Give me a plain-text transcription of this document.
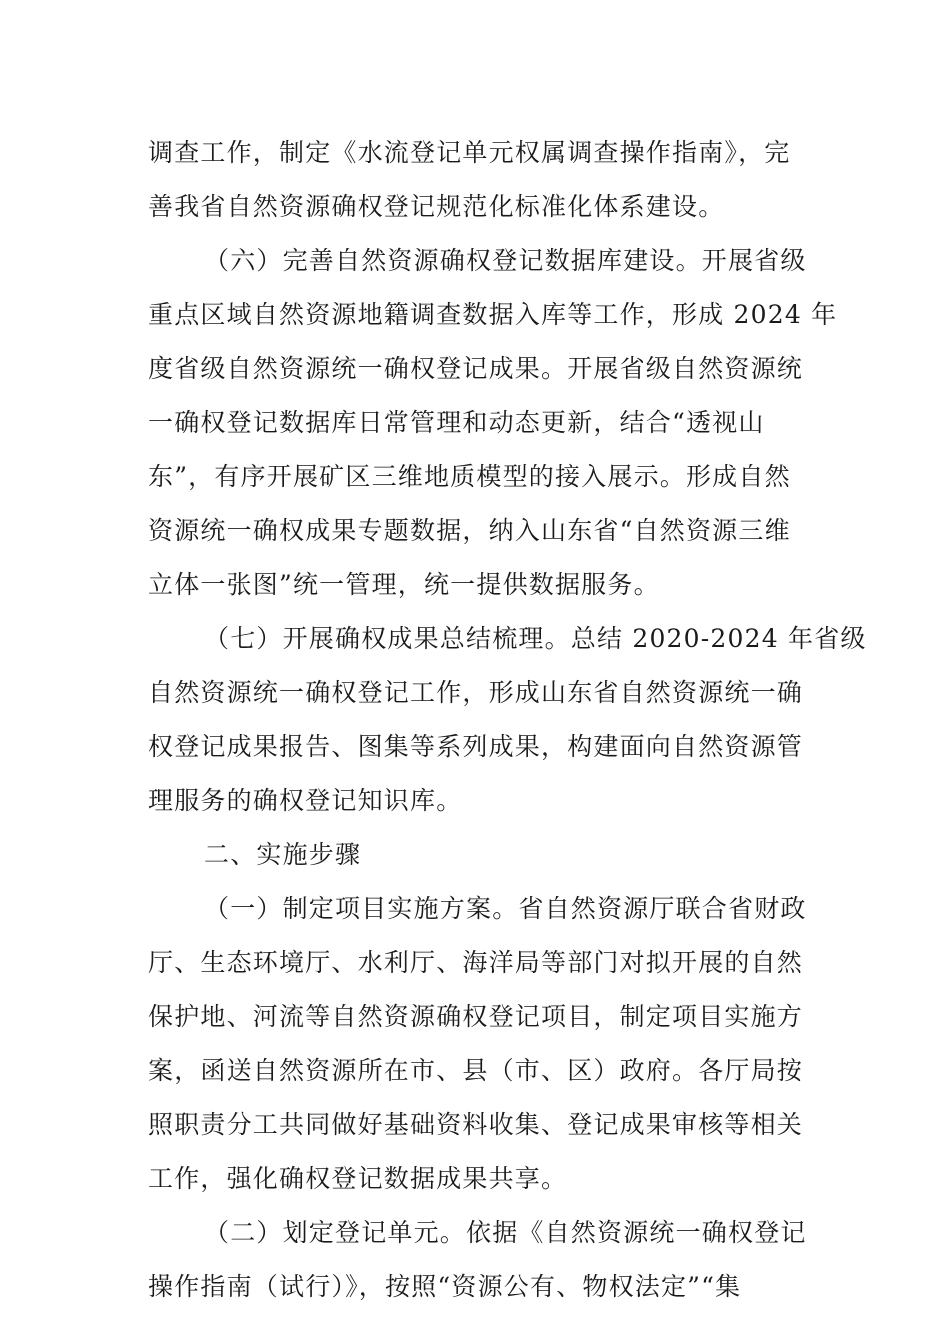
调查工作，制定《水流登记单元权属调查操作指南》，完
善我省自然资源确权登记规范化标准化体系建设。
（六）完善自然资源确权登记数据库建设。开展省级
重点区域自然资源地籍调查数据入库等工作，形成 2024 年
度省级自然资源统一确权登记成果。开展省级自然资源统
一确权登记数据库日常管理和动态更新，结合“透视山
东”，有序开展矿区三维地质模型的接入展示。形成自然
资源统一确权成果专题数据，纳入山东省“自然资源三维
立体一张图”统一管理，统一提供数据服务。
（七）开展确权成果总结梳理。总结 2020-2024 年省级
自然资源统一确权登记工作，形成山东省自然资源统一确
权登记成果报告、图集等系列成果，构建面向自然资源管
理服务的确权登记知识库。
二、实施步骤
（一）制定项目实施方案。省自然资源厅联合省财政
厅、生态环境厅、水利厅、海洋局等部门对拟开展的自然
保护地、河流等自然资源确权登记项目，制定项目实施方
案，函送自然资源所在市、县（市、区）政府。各厅局按
照职责分工共同做好基础资料收集、登记成果审核等相关
工作，强化确权登记数据成果共享。
（二）划定登记单元。依据《自然资源统一确权登记
操作指南（试行）》，按照“资源公有、物权法定”“集
